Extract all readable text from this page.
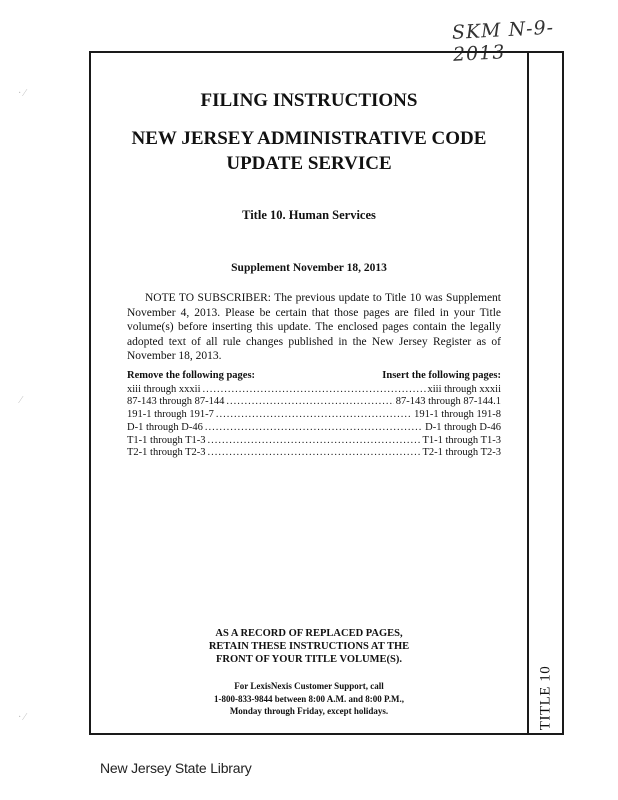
SKM N-9-2013
· ⁄
⁄
· ⁄	TITLE 10
FILING INSTRUCTIONS
NEW JERSEY ADMINISTRATIVE CODE
UPDATE SERVICE
Title 10. Human Services
Supplement November 18, 2013

NOTE TO SUBSCRIBER: The previous update to Title 10 was Supplement November 4, 2013. Please be certain that those pages are filed in your Title volume(s) before inserting this update. The enclosed pages contain the legally adopted text of all rule changes published in the New Jersey Register as of November 18, 2013.

Remove the following pages:	Insert the following pages:
xiii through xxxii .....	xiii through xxxii
87-143 through 87-144 .....	87-143 through 87-144.1
191-1 through 191-7 .....	191-1 through 191-8
D-1 through D-46 .....	D-1 through D-46
T1-1 through T1-3 .....	T1-1 through T1-3
T2-1 through T2-3 .....	T2-1 through T2-3
AS A RECORD OF REPLACED PAGES,
RETAIN THESE INSTRUCTIONS AT THE
FRONT OF YOUR TITLE VOLUME(S).
For LexisNexis Customer Support, call
1-800-833-9844 between 8:00 A.M. and 8:00 P.M.,
Monday through Friday, except holidays.
New Jersey State Library
